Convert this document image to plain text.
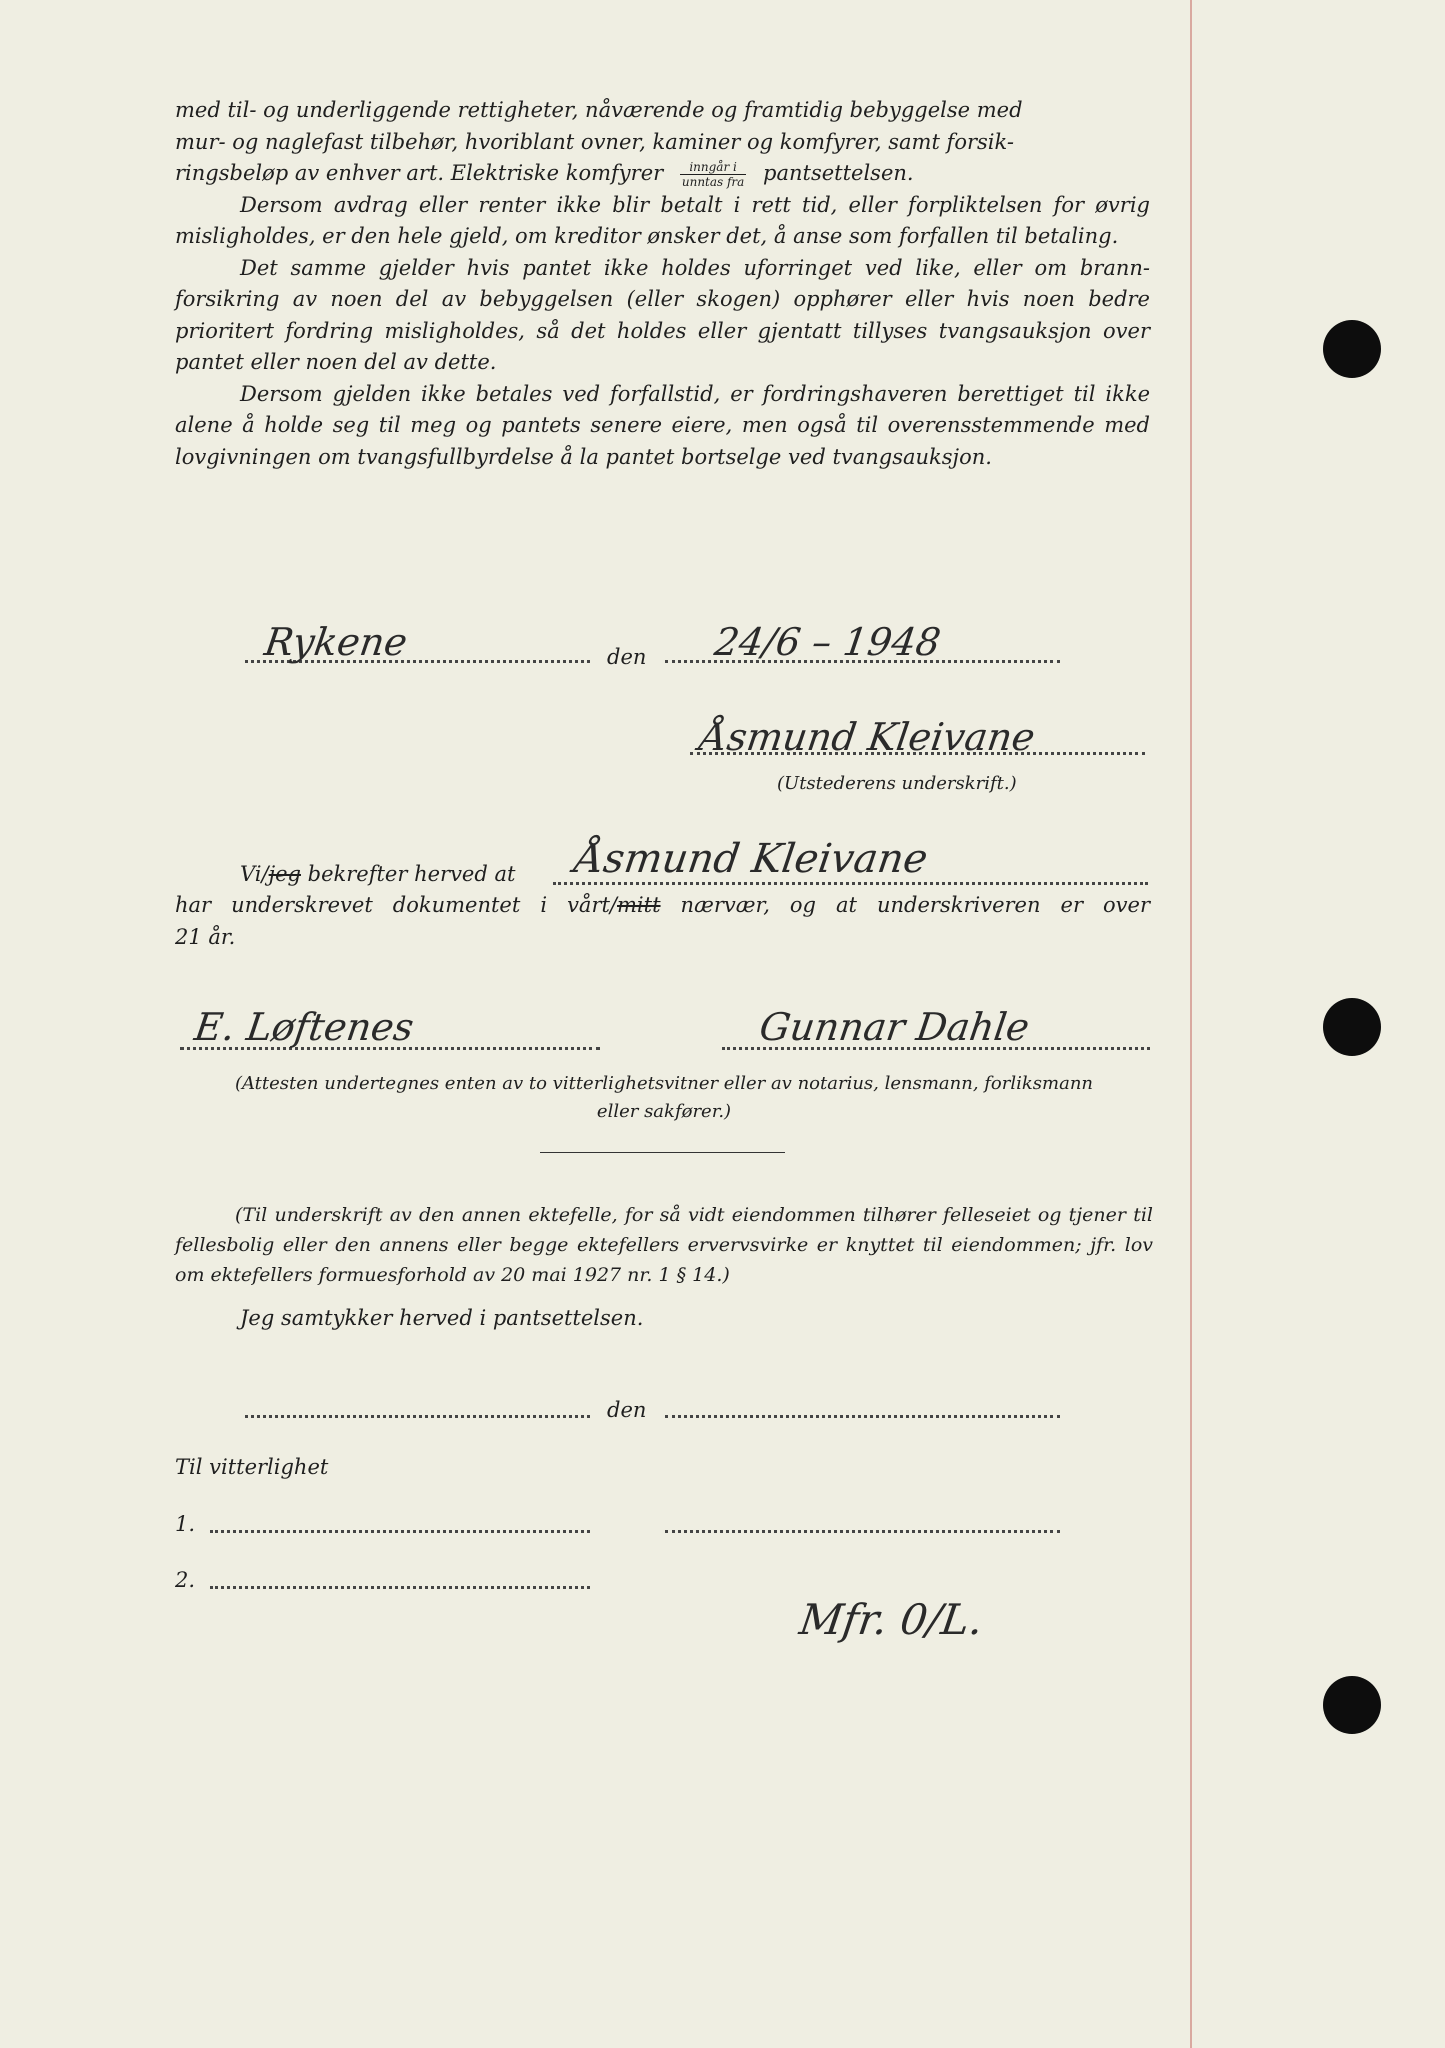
med til- og underliggende rettigheter, nåværende og framtidig bebyggelse med
mur- og naglefast tilbehør, hvoriblant ovner, kaminer og komfyrer, samt forsik-
ringsbeløp av enhver art. Elektriske komfyrer $\frac{\text{inngår i}}{\text{unntas fra}}$ pantsettelsen.

Dersom avdrag eller renter ikke blir betalt i rett tid, eller forpliktelsen for øvrig misligholdes, er den hele gjeld, om kreditor ønsker det, å anse som forfallen til betaling.

Det samme gjelder hvis pantet ikke holdes uforringet ved like, eller om brannforsikring av noen del av bebyggelsen (eller skogen) opphører eller hvis noen bedre prioritert fordring misligholdes, så det holdes eller gjentatt tillyses tvangsauksjon over pantet eller noen del av dette.

Dersom gjelden ikke betales ved forfallstid, er fordringshaveren berettiget til ikke alene å holde seg til meg og pantets senere eiere, men også til overensstemmende med lovgivningen om tvangsfullbyrdelse å la pantet bortselge ved tvangsauksjon.

Rykene	den 24/6 – 1948
Åsmund Kleivane
(Utstederens underskrift.)
Vi/jeg bekrefter herved at Åsmund Kleivane
har underskrevet dokumentet i vårt/mitt nærvær, og at underskriveren er over
21 år.
E. Løftenes	Gunnar Dahle
(Attesten undertegnes enten av to vitterlighetsvitner eller av notarius, lensmann, forliksmann
eller sakfører.)
(Til underskrift av den annen ektefelle, for så vidt eiendommen tilhører felleseiet og tjener til fellesbolig eller den annens eller begge ektefellers ervervsvirke er knyttet til eiendommen; jfr. lov om ektefellers formuesforhold av 20 mai 1927 nr. 1 § 14.)
Jeg samtykker herved i pantsettelsen.
den
Til vitterlighet
1.
2.
Mfr. 0/L.
